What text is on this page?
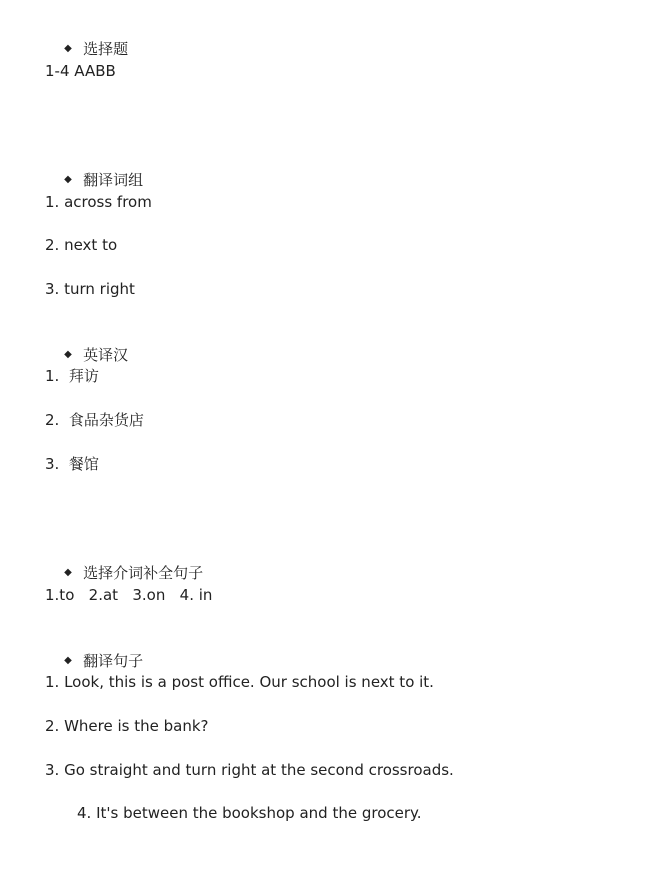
◆ 选择题

1-4 AABB

◆ 翻译词组

1. across from
2. next to
3. turn right

◆ 英译汉

1.  拜访
2.  食品杂货店
3.  餐馆

◆ 选择介词补全句子

1.to   2.at   3.on   4. in

◆ 翻译句子

1. Look, this is a post office. Our school is next to it.
2. Where is the bank?
3. Go straight and turn right at the second crossroads.
4. It's between the bookshop and the grocery.
